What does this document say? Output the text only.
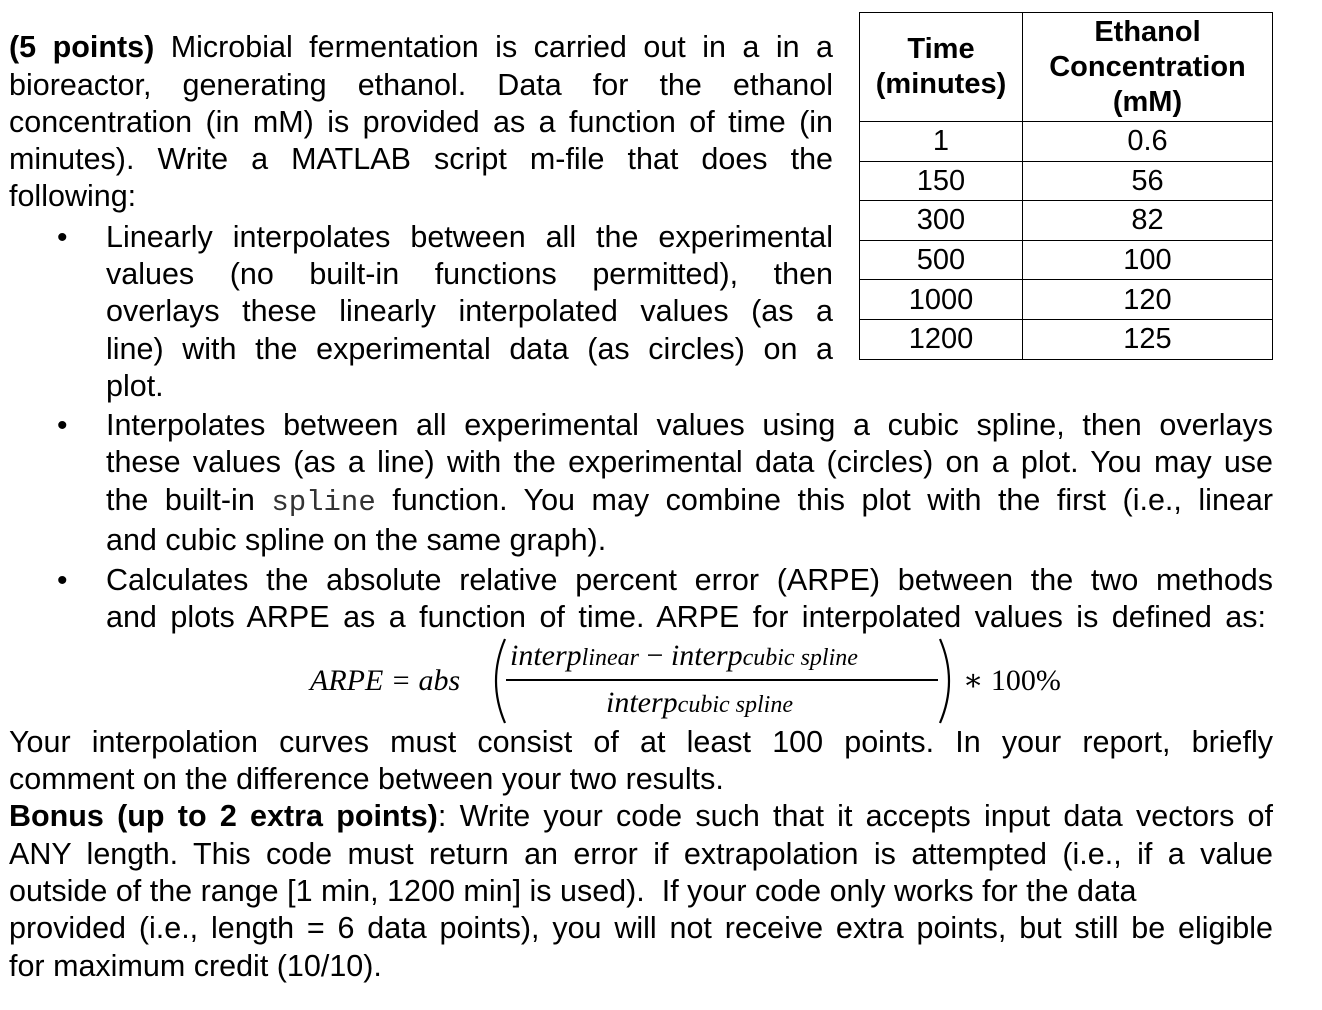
(5 points) Microbial fermentation is carried out in a in a
bioreactor, generating ethanol. Data for the ethanol
concentration (in mM) is provided as a function of time (in
minutes). Write a MATLAB script m-file that does the
following:
Time
(minutes)	Ethanol
Concentration
(mM)
1	0.6
150	56
300	82
500	100
1000	120
1200	125
• Linearly interpolates between all the experimental
values (no built-in functions permitted), then
overlays these linearly interpolated values (as a
line) with the experimental data (as circles) on a
plot.
• Interpolates between all experimental values using a cubic spline, then overlays
these values (as a line) with the experimental data (circles) on a plot. You may use
the built-in spline function. You may combine this plot with the first (i.e., linear
and cubic spline on the same graph).
• Calculates the absolute relative percent error (ARPE) between the two methods
and plots ARPE as a function of time. ARPE for interpolated values is defined as:
ARPE = abs
interplinear − interpcubic spline
interpcubic spline
∗ 100%
Your interpolation curves must consist of at least 100 points. In your report, briefly
comment on the difference between your two results.
Bonus (up to 2 extra points): Write your code such that it accepts input data vectors of
ANY length. This code must return an error if extrapolation is attempted (i.e., if a value
outside of the range [1 min, 1200 min] is used).  If your code only works for the data
provided (i.e., length = 6 data points), you will not receive extra points, but still be eligible
for maximum credit (10/10).
